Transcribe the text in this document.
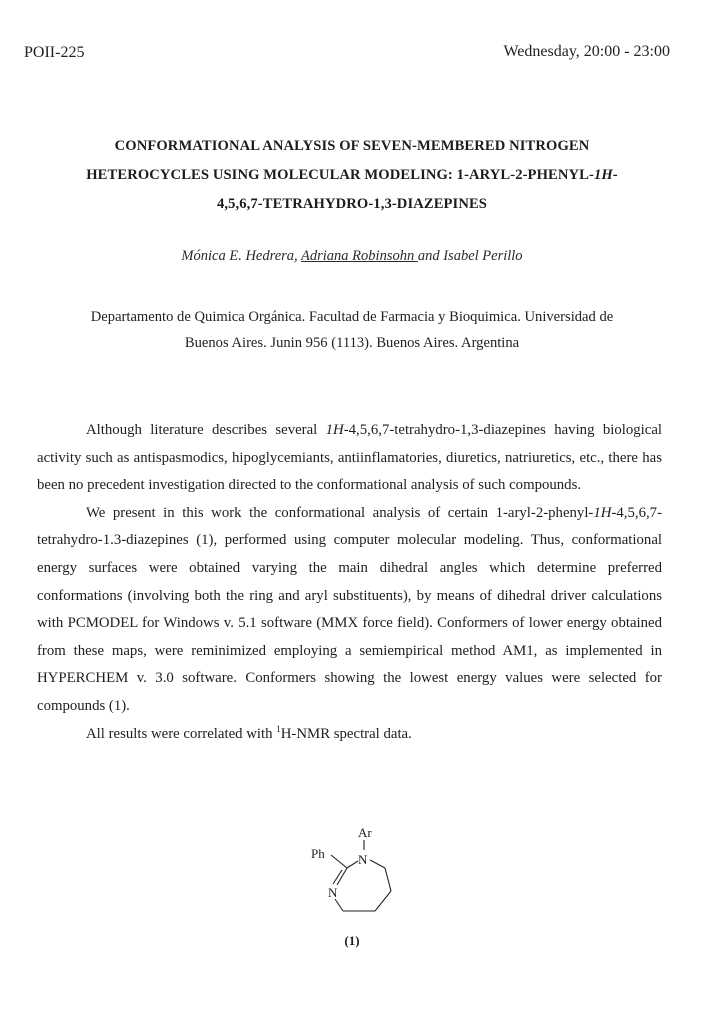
POII-225	Wednesday, 20:00 - 23:00
CONFORMATIONAL ANALYSIS OF SEVEN-MEMBERED NITROGEN
HETEROCYCLES USING MOLECULAR MODELING: 1-ARYL-2-PHENYL-1H-
4,5,6,7-TETRAHYDRO-1,3-DIAZEPINES
Mónica E. Hedrera, Adriana Robinsohn and Isabel Perillo
Departamento de Quimica Orgánica. Facultad de Farmacia y Bioquimica. Universidad de
Buenos Aires. Junin 956 (1113). Buenos Aires. Argentina

Although literature describes several 1H-4,5,6,7-tetrahydro-1,3-diazepines having biological activity such as antispasmodics, hipoglycemiants, antiinflamatories, diuretics, natriuretics, etc., there has been no precedent investigation directed to the conformational analysis of such compounds.

We present in this work the conformational analysis of certain 1-aryl-2-phenyl-1H-4,5,6,7-tetrahydro-1.3-diazepines (1), performed using computer molecular modeling. Thus, conformational energy surfaces were obtained varying the main dihedral angles which determine preferred conformations (involving both the ring and aryl substituents), by means of dihedral driver calculations with PCMODEL for Windows v. 5.1 software (MMX force field). Conformers of lower energy obtained from these maps, were reminimized employing a semiempirical method AM1, as implemented in HYPERCHEM v. 3.0 software. Conformers showing the lowest energy values were selected for compounds (1).

All results were correlated with $^1$H-NMR spectral data.

Ar
N
Ph
N
(1)
